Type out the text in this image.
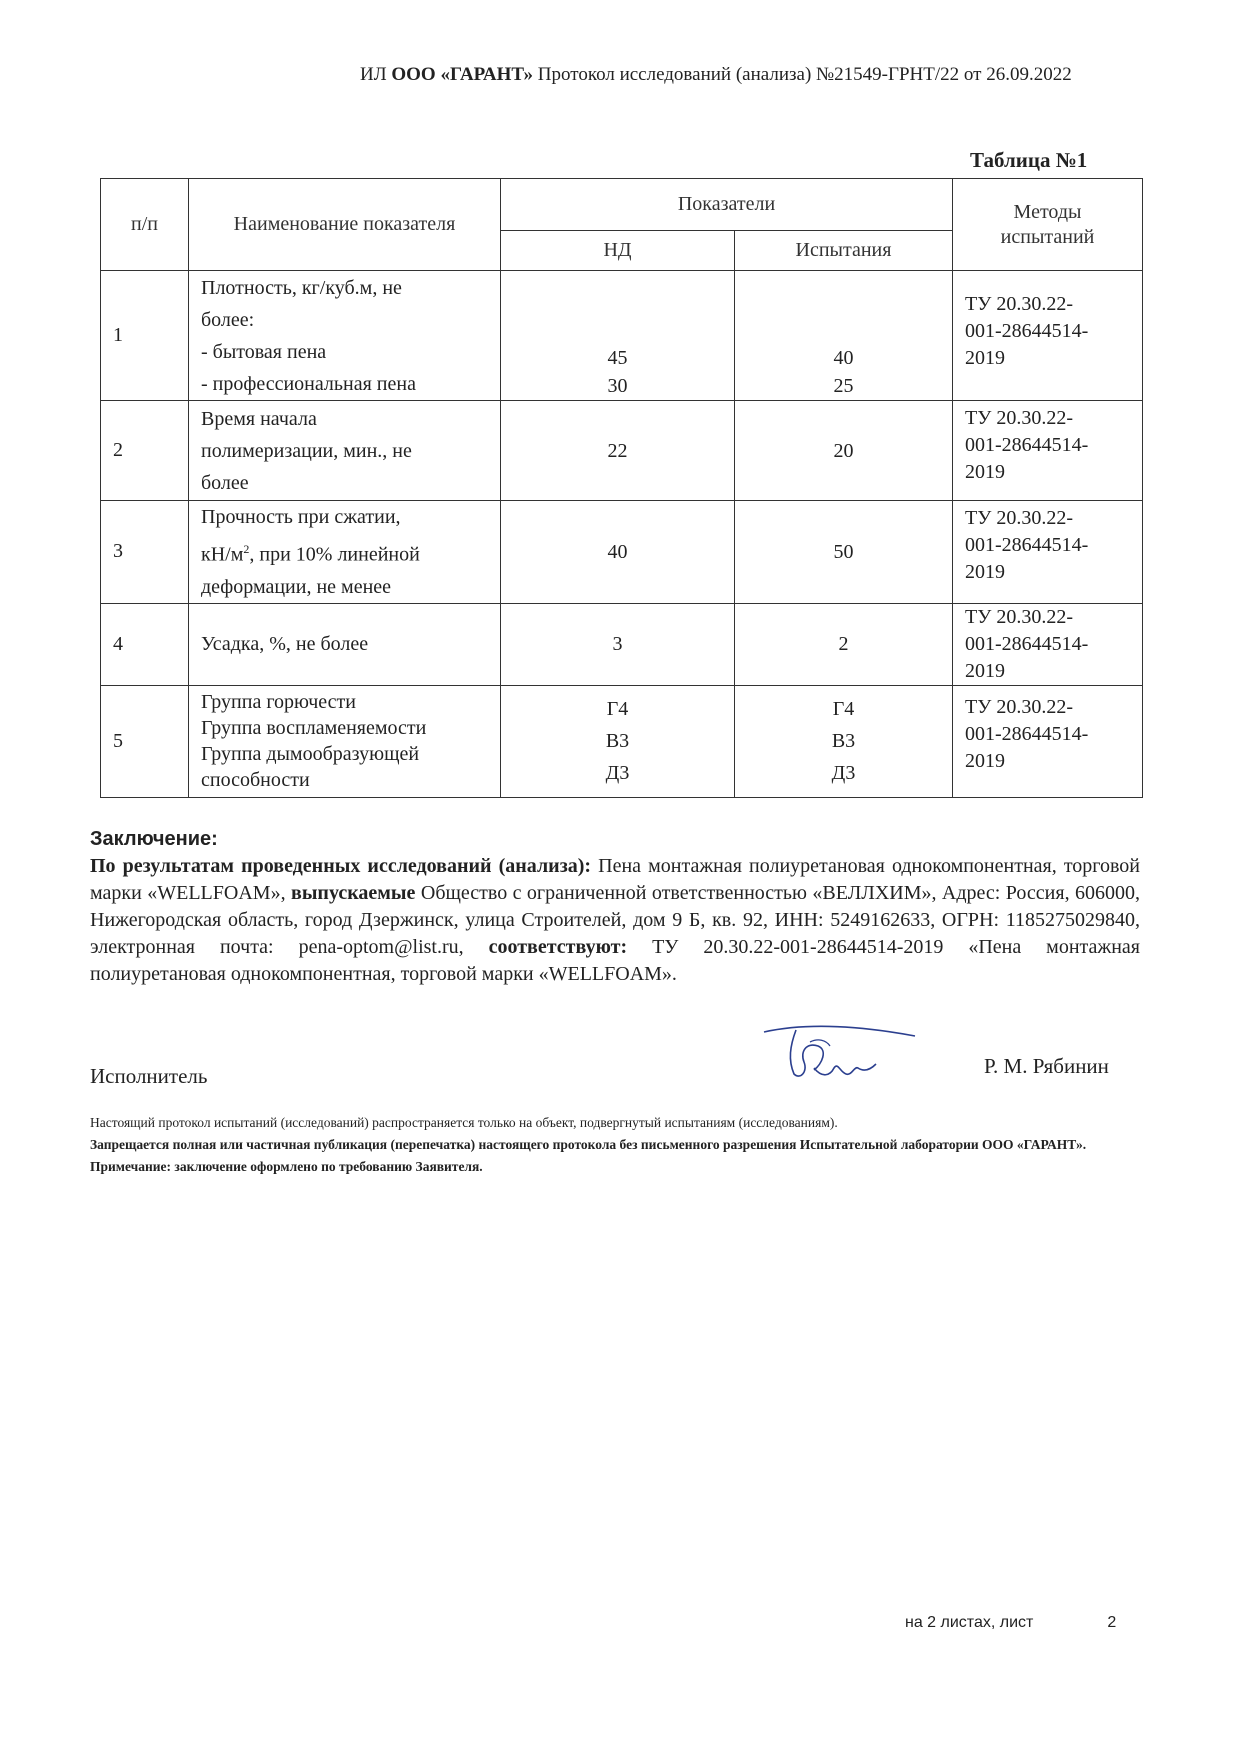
ИЛ ООО «ГАРАНТ» Протокол исследований (анализа) №21549-ГРНТ/22 от 26.09.2022
Таблица №1
п/п	Наименование показателя	Показатели		Методы
испытаний
		НД	Испытания	
1	Плотность, кг/куб.м, не
более:
- бытовая пена
- профессиональная пена	45
30	40
25	ТУ 20.30.22-
001-28644514-
2019
2	Время начала
полимеризации, мин., не
более	22	20	ТУ 20.30.22-
001-28644514-
2019
3	Прочность при сжатии,
$кН/м^2$, при 10% линейной
деформации, не менее	40	50	ТУ 20.30.22-
001-28644514-
2019
4	Усадка, %, не более	3	2	ТУ 20.30.22-
001-28644514-
2019
5	Группа горючести
Группа воспламеняемости
Группа дымообразующей
способности	Г4
В3
Д3	Г4
В3
Д3	ТУ 20.30.22-
001-28644514-
2019
Заключение:
По результатам проведенных исследований (анализа): Пена монтажная полиуретановая однокомпонентная, торговой марки «WELLFOAM», выпускаемые Общество с ограниченной ответственностью «ВЕЛЛХИМ», Адрес: Россия, 606000, Нижегородская область, город Дзержинск, улица Строителей, дом 9 Б, кв. 92, ИНН: 5249162633, ОГРН: 1185275029840, электронная почта: pena-optom@list.ru, соответствуют: ТУ 20.30.22-001-28644514-2019 «Пена монтажная полиуретановая однокомпонентная, торговой марки «WELLFOAM».
Исполнитель	Р. М. Рябинин
Настоящий протокол испытаний (исследований) распространяется только на объект, подвергнутый испытаниям (исследованиям).
Запрещается полная или частичная публикация (перепечатка) настоящего протокола без письменного разрешения Испытательной лаборатории ООО «ГАРАНТ».
Примечание: заключение оформлено по требованию Заявителя.
на 2 листах, лист	2
